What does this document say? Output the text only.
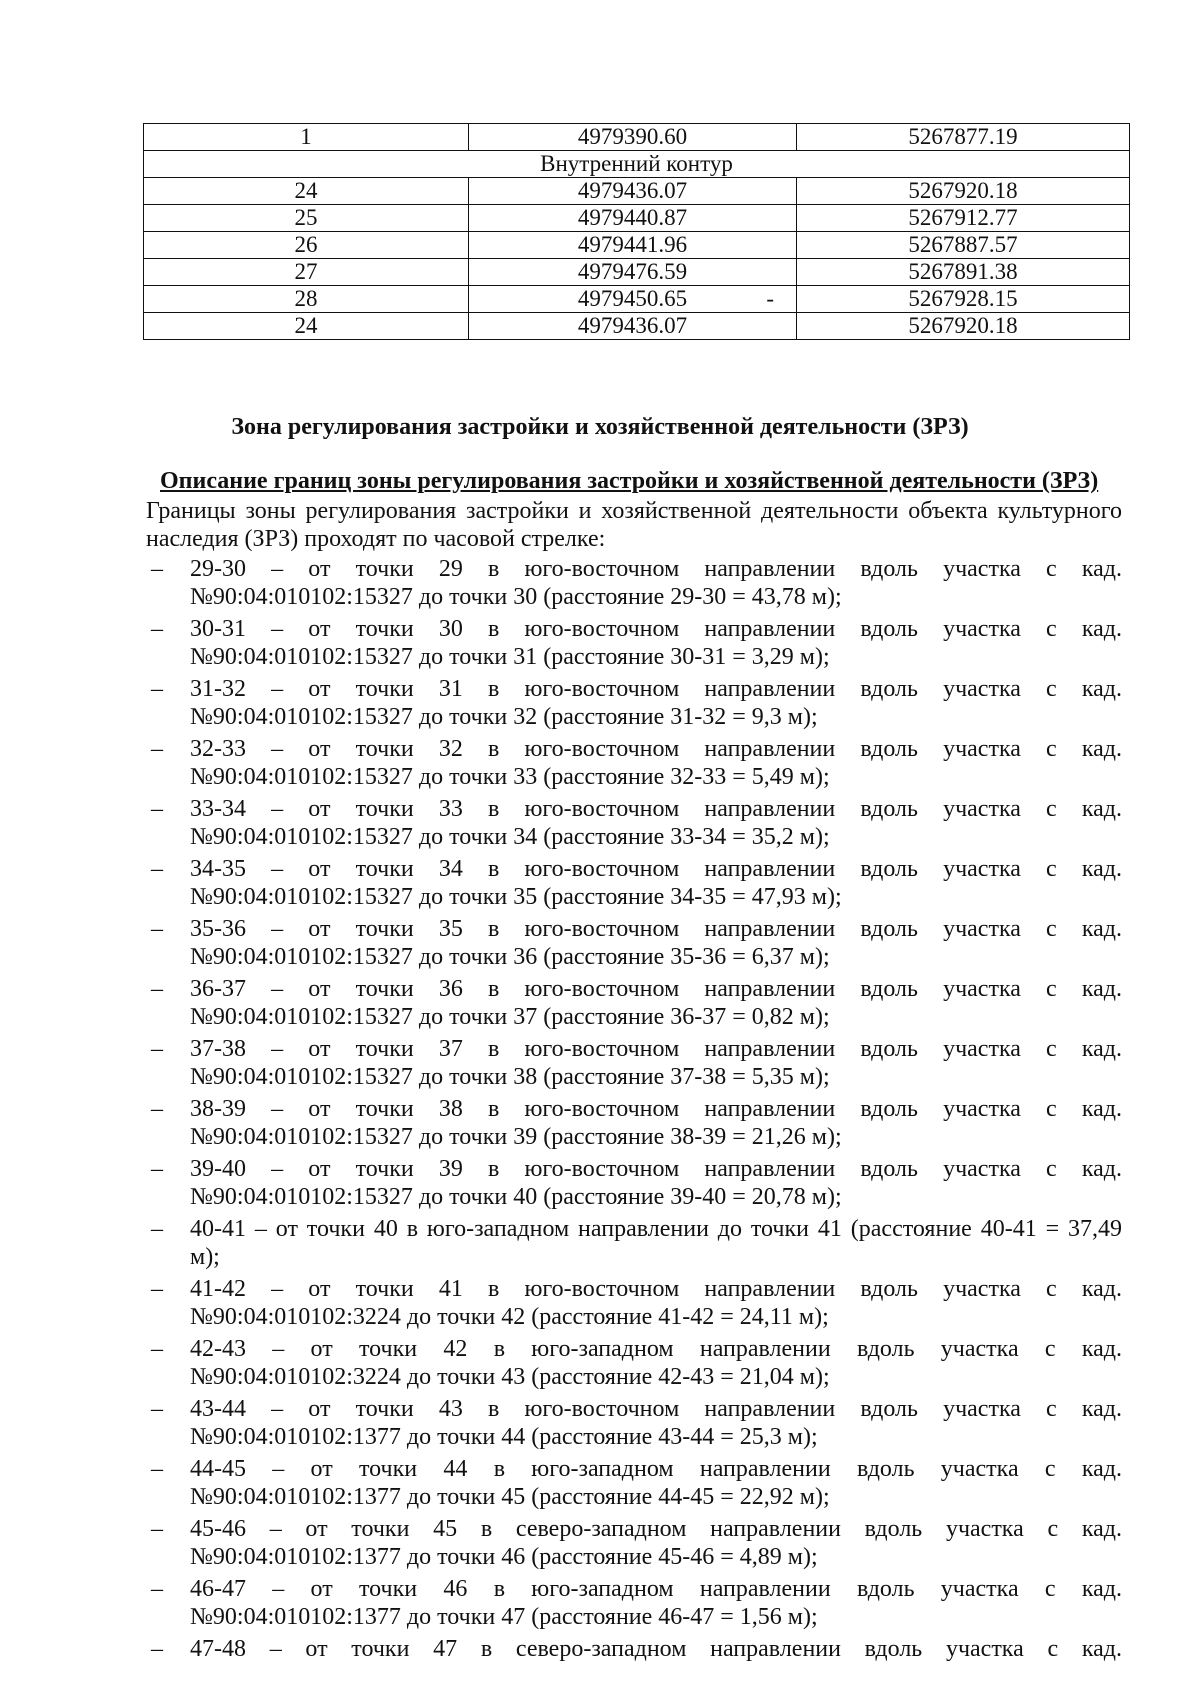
1	4979390.60	5267877.19
Внутренний контур		
24	4979436.07	5267920.18
25	4979440.87	5267912.77
26	4979441.96	5267887.57
27	4979476.59	5267891.38
28	4979450.65 -	5267928.15
24	4979436.07	5267920.18
Зона регулирования застройки и хозяйственной деятельности (ЗРЗ)
Описание границ зоны регулирования застройки и хозяйственной деятельности (ЗРЗ)
Границы зоны регулирования застройки и хозяйственной деятельности объекта культурного наследия (ЗРЗ) проходят по часовой стрелке:
– 29-30 – от точки 29 в юго-восточном направлении вдоль участка с кад.
№90:04:010102:15327 до точки 30 (расстояние 29-30 = 43,78 м);
– 30-31 – от точки 30 в юго-восточном направлении вдоль участка с кад.
№90:04:010102:15327 до точки 31 (расстояние 30-31 = 3,29 м);
– 31-32 – от точки 31 в юго-восточном направлении вдоль участка с кад.
№90:04:010102:15327 до точки 32 (расстояние 31-32 = 9,3 м);
– 32-33 – от точки 32 в юго-восточном направлении вдоль участка с кад.
№90:04:010102:15327 до точки 33 (расстояние 32-33 = 5,49 м);
– 33-34 – от точки 33 в юго-восточном направлении вдоль участка с кад.
№90:04:010102:15327 до точки 34 (расстояние 33-34 = 35,2 м);
– 34-35 – от точки 34 в юго-восточном направлении вдоль участка с кад.
№90:04:010102:15327 до точки 35 (расстояние 34-35 = 47,93 м);
– 35-36 – от точки 35 в юго-восточном направлении вдоль участка с кад.
№90:04:010102:15327 до точки 36 (расстояние 35-36 = 6,37 м);
– 36-37 – от точки 36 в юго-восточном направлении вдоль участка с кад.
№90:04:010102:15327 до точки 37 (расстояние 36-37 = 0,82 м);
– 37-38 – от точки 37 в юго-восточном направлении вдоль участка с кад.
№90:04:010102:15327 до точки 38 (расстояние 37-38 = 5,35 м);
– 38-39 – от точки 38 в юго-восточном направлении вдоль участка с кад.
№90:04:010102:15327 до точки 39 (расстояние 38-39 = 21,26 м);
– 39-40 – от точки 39 в юго-восточном направлении вдоль участка с кад.
№90:04:010102:15327 до точки 40 (расстояние 39-40 = 20,78 м);
– 40-41 – от точки 40 в юго-западном направлении до точки 41 (расстояние 40-41 = 37,49
м);
– 41-42 – от точки 41 в юго-восточном направлении вдоль участка с кад.
№90:04:010102:3224 до точки 42 (расстояние 41-42 = 24,11 м);
– 42-43 – от точки 42 в юго-западном направлении вдоль участка с кад.
№90:04:010102:3224 до точки 43 (расстояние 42-43 = 21,04 м);
– 43-44 – от точки 43 в юго-восточном направлении вдоль участка с кад.
№90:04:010102:1377 до точки 44 (расстояние 43-44 = 25,3 м);
– 44-45 – от точки 44 в юго-западном направлении вдоль участка с кад.
№90:04:010102:1377 до точки 45 (расстояние 44-45 = 22,92 м);
– 45-46 – от точки 45 в северо-западном направлении вдоль участка с кад.
№90:04:010102:1377 до точки 46 (расстояние 45-46 = 4,89 м);
– 46-47 – от точки 46 в юго-западном направлении вдоль участка с кад.
№90:04:010102:1377 до точки 47 (расстояние 46-47 = 1,56 м);
– 47-48 – от точки 47 в северо-западном направлении вдоль участка с кад.
